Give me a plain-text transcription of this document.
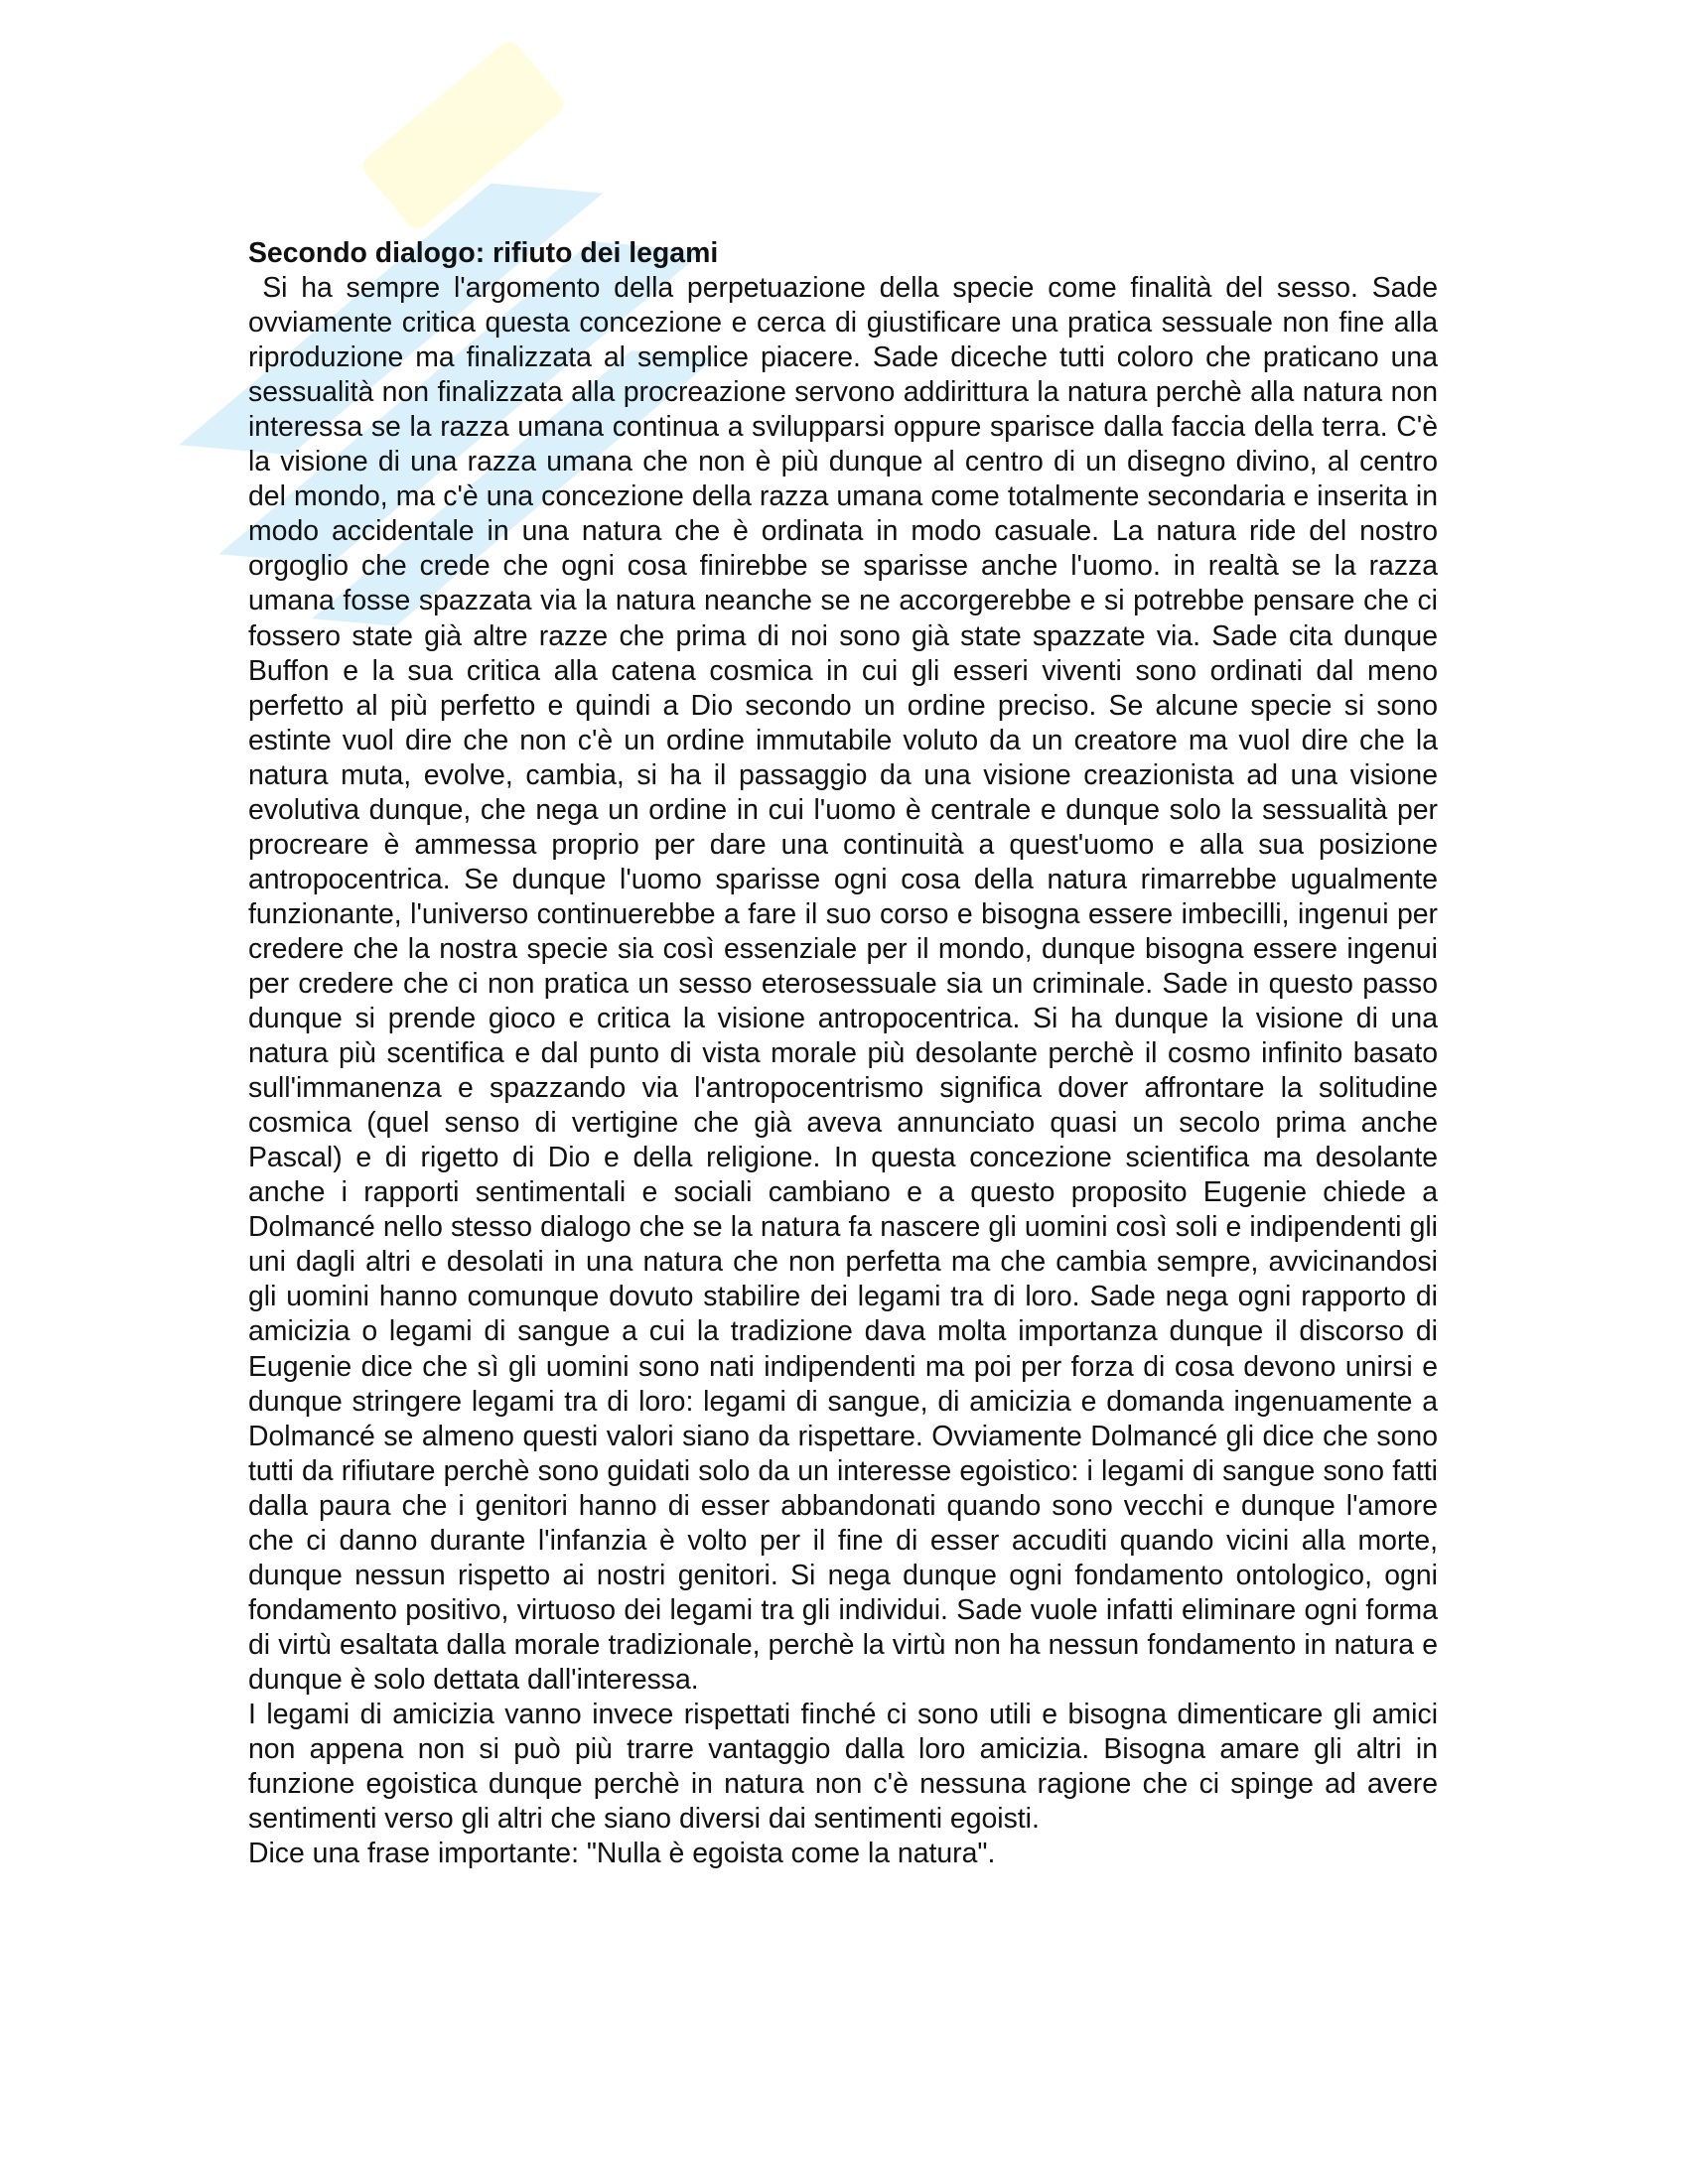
Secondo dialogo: rifiuto dei legami

Si ha sempre l'argomento della perpetuazione della specie come finalità del sesso. Sade ovviamente critica questa concezione e cerca di giustificare una pratica sessuale non fine alla riproduzione ma finalizzata al semplice piacere. Sade diceche tutti coloro che praticano una sessualità non finalizzata alla procreazione servono addirittura la natura perchè alla natura non interessa se la razza umana continua a svilupparsi oppure sparisce dalla faccia della terra. C'è la visione di una razza umana che non è più dunque al centro di un disegno divino, al centro del mondo, ma c'è una concezione della razza umana come totalmente secondaria e inserita in modo accidentale in una natura che è ordinata in modo casuale. La natura ride del nostro orgoglio che crede che ogni cosa finirebbe se sparisse anche l'uomo. in realtà se la razza umana fosse spazzata via la natura neanche se ne accorgerebbe e si potrebbe pensare che ci fossero state già altre razze che prima di noi sono già state spazzate via. Sade cita dunque Buffon e la sua critica alla catena cosmica in cui gli esseri viventi sono ordinati dal meno perfetto al più perfetto e quindi a Dio secondo un ordine preciso. Se alcune specie si sono estinte vuol dire che non c'è un ordine immutabile voluto da un creatore ma vuol dire che la natura muta, evolve, cambia, si ha il passaggio da una visione creazionista ad una visione evolutiva dunque, che nega un ordine in cui l'uomo è centrale e dunque solo la sessualità per procreare è ammessa proprio per dare una continuità a quest'uomo e alla sua posizione antropocentrica. Se dunque l'uomo sparisse ogni cosa della natura rimarrebbe ugualmente funzionante, l'universo continuerebbe a fare il suo corso e bisogna essere imbecilli, ingenui per credere che la nostra specie sia così essenziale per il mondo, dunque bisogna essere ingenui per credere che ci non pratica un sesso eterosessuale sia un criminale. Sade in questo passo dunque si prende gioco e critica la visione antropocentrica. Si ha dunque la visione di una natura più scentifica e dal punto di vista morale più desolante perchè il cosmo infinito basato sull'immanenza e spazzando via l'antropocentrismo significa dover affrontare la solitudine cosmica (quel senso di vertigine che già aveva annunciato quasi un secolo prima anche Pascal) e di rigetto di Dio e della religione. In questa concezione scientifica ma desolante anche i rapporti sentimentali e sociali cambiano e a questo proposito Eugenie chiede a Dolmancé nello stesso dialogo che se la natura fa nascere gli uomini così soli e indipendenti gli uni dagli altri e desolati in una natura che non perfetta ma che cambia sempre, avvicinandosi gli uomini hanno comunque dovuto stabilire dei legami tra di loro. Sade nega ogni rapporto di amicizia o legami di sangue a cui la tradizione dava molta importanza dunque il discorso di Eugenie dice che sì gli uomini sono nati indipendenti ma poi per forza di cosa devono unirsi e dunque stringere legami tra di loro: legami di sangue, di amicizia e domanda ingenuamente a Dolmancé se almeno questi valori siano da rispettare. Ovviamente Dolmancé gli dice che sono tutti da rifiutare perchè sono guidati solo da un interesse egoistico: i legami di sangue sono fatti dalla paura che i genitori hanno di esser abbandonati quando sono vecchi e dunque l'amore che ci danno durante l'infanzia è volto per il fine di esser accuditi quando vicini alla morte, dunque nessun rispetto ai nostri genitori. Si nega dunque ogni fondamento ontologico, ogni fondamento positivo, virtuoso dei legami tra gli individui. Sade vuole infatti eliminare ogni forma di virtù esaltata dalla morale tradizionale, perchè la virtù non ha nessun fondamento in natura e dunque è solo dettata dall'interessa.

I legami di amicizia vanno invece rispettati finché ci sono utili e bisogna dimenticare gli amici non appena non si può più trarre vantaggio dalla loro amicizia. Bisogna amare gli altri in funzione egoistica dunque perchè in natura non c'è nessuna ragione che ci spinge ad avere sentimenti verso gli altri che siano diversi dai sentimenti egoisti.

Dice una frase importante: "Nulla è egoista come la natura".
